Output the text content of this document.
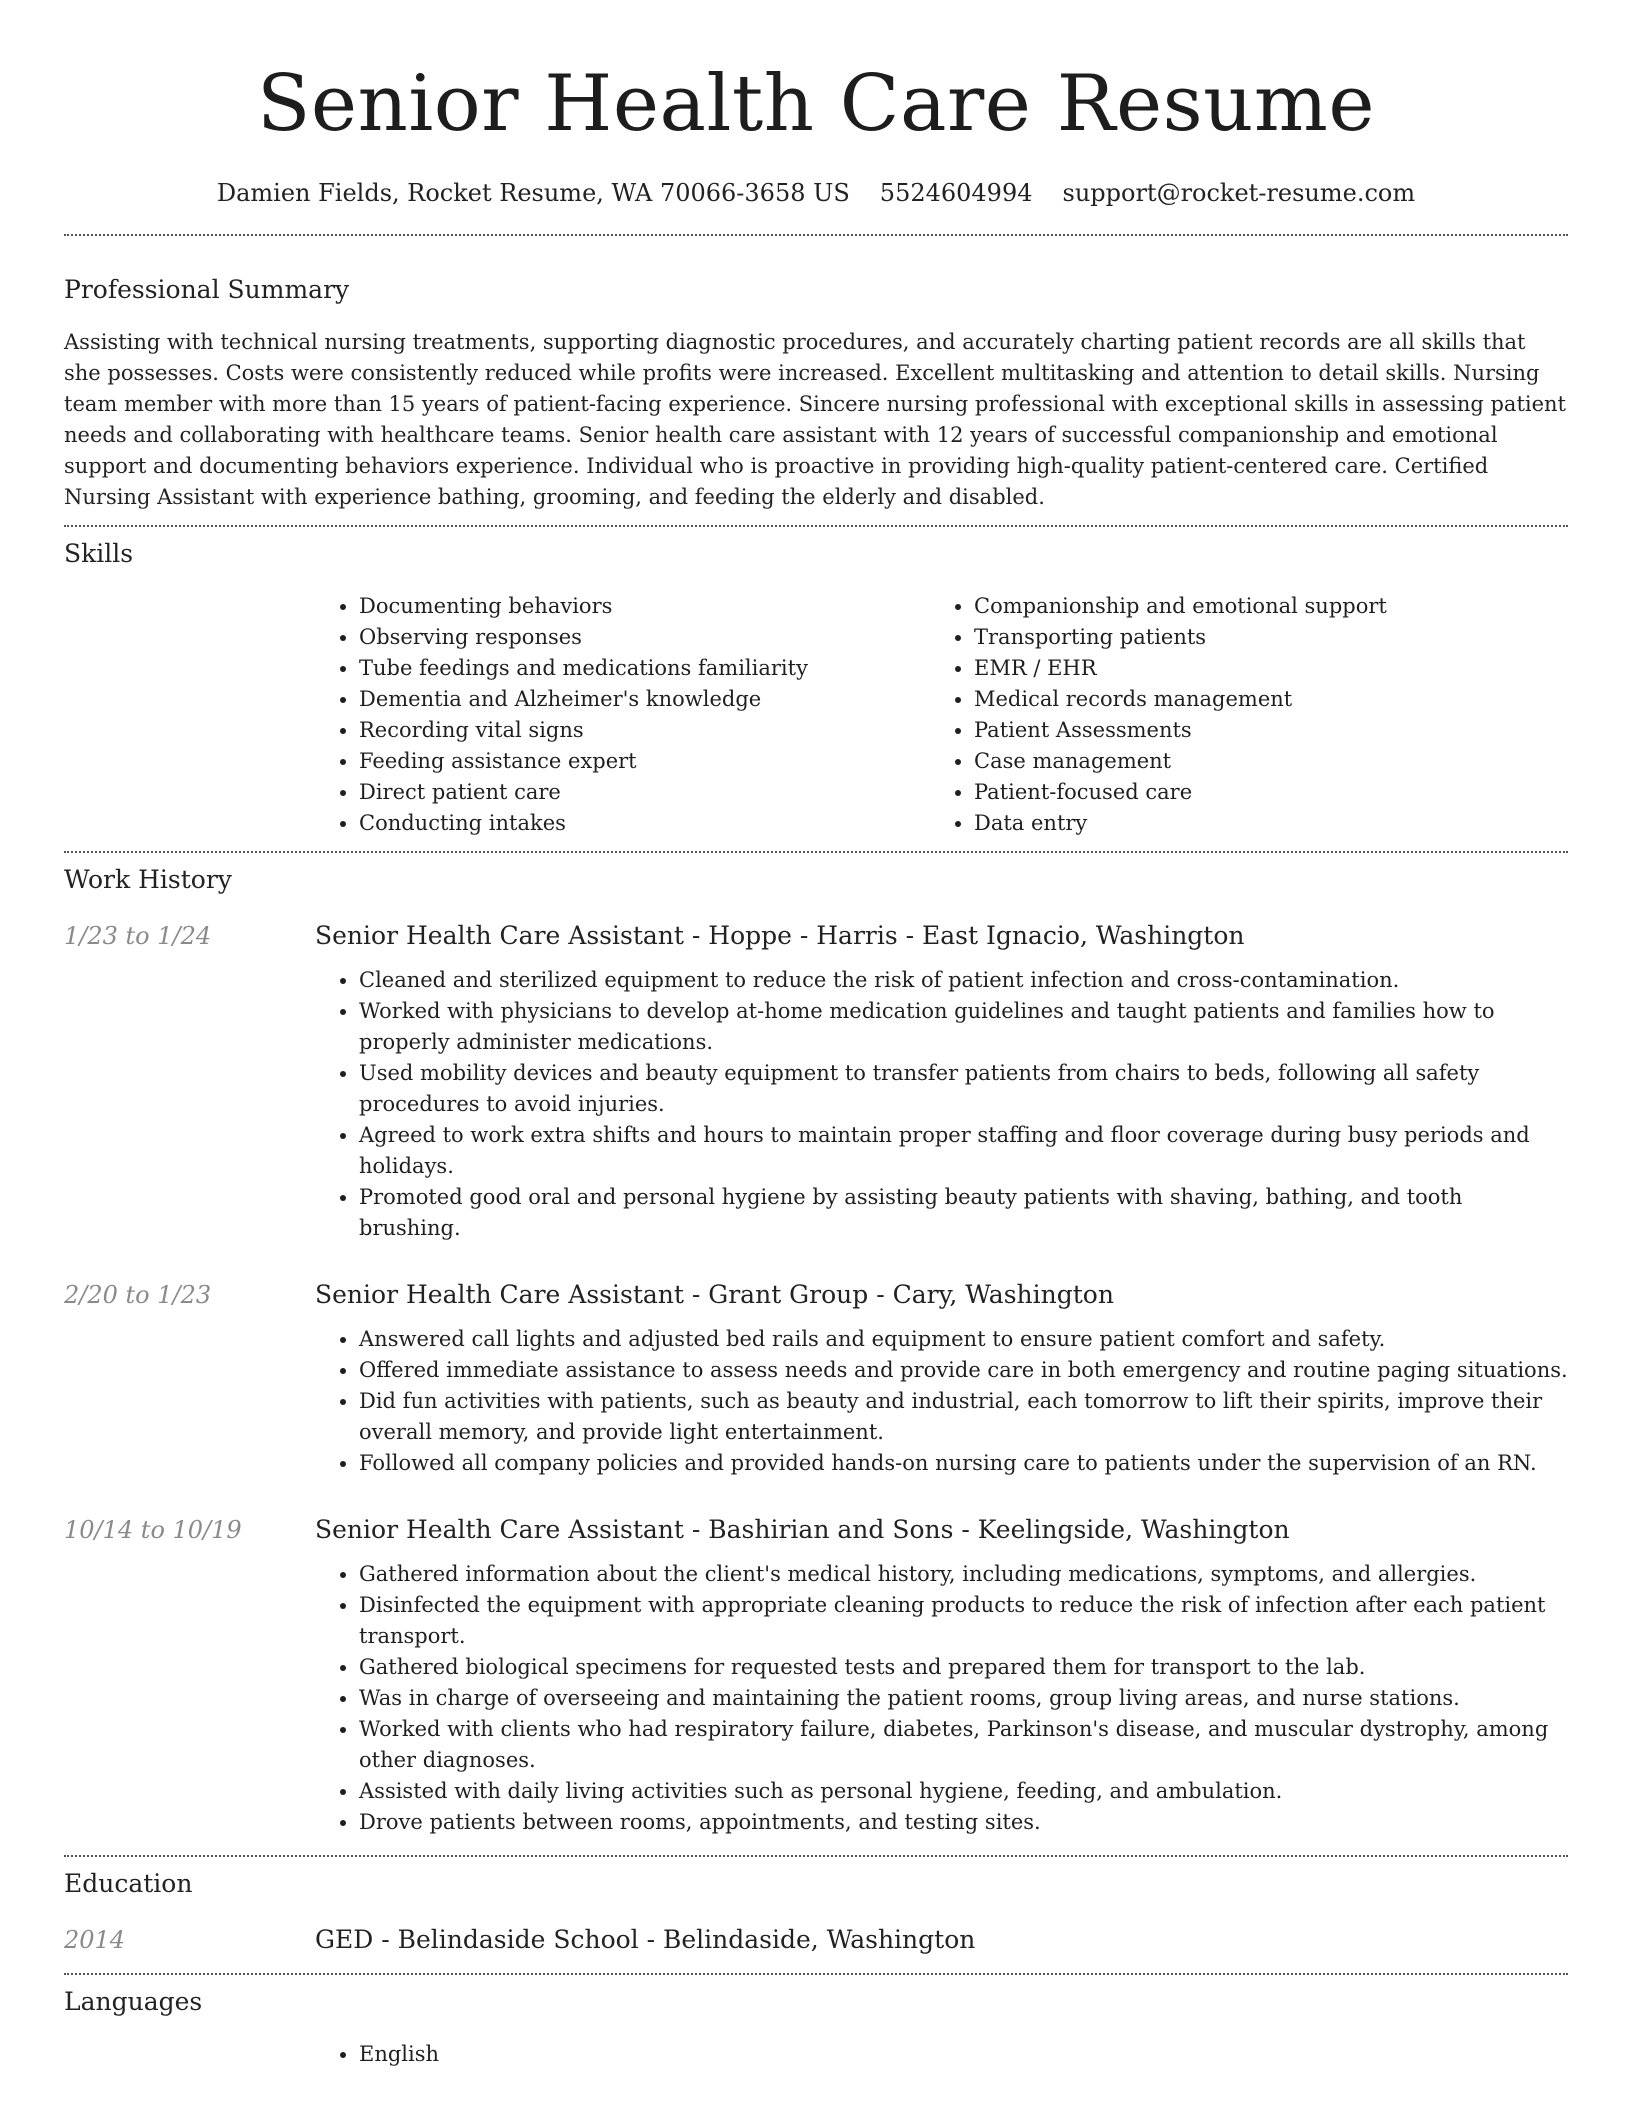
Senior Health Care Resume
Damien Fields, Rocket Resume, WA 70066-3658 US 5524604994 support@rocket-resume.com
Professional Summary

Assisting with technical nursing treatments, supporting diagnostic procedures, and accurately charting patient records are all skills that she possesses. Costs were consistently reduced while profits were increased. Excellent multitasking and attention to detail skills. Nursing team member with more than 15 years of patient-facing experience. Sincere nursing professional with exceptional skills in assessing patient needs and collaborating with healthcare teams. Senior health care assistant with 12 years of successful companionship and emotional support and documenting behaviors experience. Individual who is proactive in providing high-quality patient-centered care. Certified Nursing Assistant with experience bathing, grooming, and feeding the elderly and disabled.

Skills
• Documenting behaviors
• Observing responses
• Tube feedings and medications familiarity
• Dementia and Alzheimer's knowledge
• Recording vital signs
• Feeding assistance expert
• Direct patient care
• Conducting intakes
• Companionship and emotional support
• Transporting patients
• EMR / EHR
• Medical records management
• Patient Assessments
• Case management
• Patient-focused care
• Data entry
Work History
1/23 to 1/24	Senior Health Care Assistant - Hoppe - Harris - East Ignacio, Washington
• Cleaned and sterilized equipment to reduce the risk of patient infection and cross-contamination.
• Worked with physicians to develop at-home medication guidelines and taught patients and families how to properly administer medications.
• Used mobility devices and beauty equipment to transfer patients from chairs to beds, following all safety procedures to avoid injuries.
• Agreed to work extra shifts and hours to maintain proper staffing and floor coverage during busy periods and holidays.
• Promoted good oral and personal hygiene by assisting beauty patients with shaving, bathing, and tooth brushing.
2/20 to 1/23	Senior Health Care Assistant - Grant Group - Cary, Washington
• Answered call lights and adjusted bed rails and equipment to ensure patient comfort and safety.
• Offered immediate assistance to assess needs and provide care in both emergency and routine paging situations.
• Did fun activities with patients, such as beauty and industrial, each tomorrow to lift their spirits, improve their overall memory, and provide light entertainment.
• Followed all company policies and provided hands-on nursing care to patients under the supervision of an RN.
10/14 to 10/19	Senior Health Care Assistant - Bashirian and Sons - Keelingside, Washington
• Gathered information about the client's medical history, including medications, symptoms, and allergies.
• Disinfected the equipment with appropriate cleaning products to reduce the risk of infection after each patient transport.
• Gathered biological specimens for requested tests and prepared them for transport to the lab.
• Was in charge of overseeing and maintaining the patient rooms, group living areas, and nurse stations.
• Worked with clients who had respiratory failure, diabetes, Parkinson's disease, and muscular dystrophy, among other diagnoses.
• Assisted with daily living activities such as personal hygiene, feeding, and ambulation.
• Drove patients between rooms, appointments, and testing sites.
Education
2014	GED - Belindaside School - Belindaside, Washington
Languages
• English
